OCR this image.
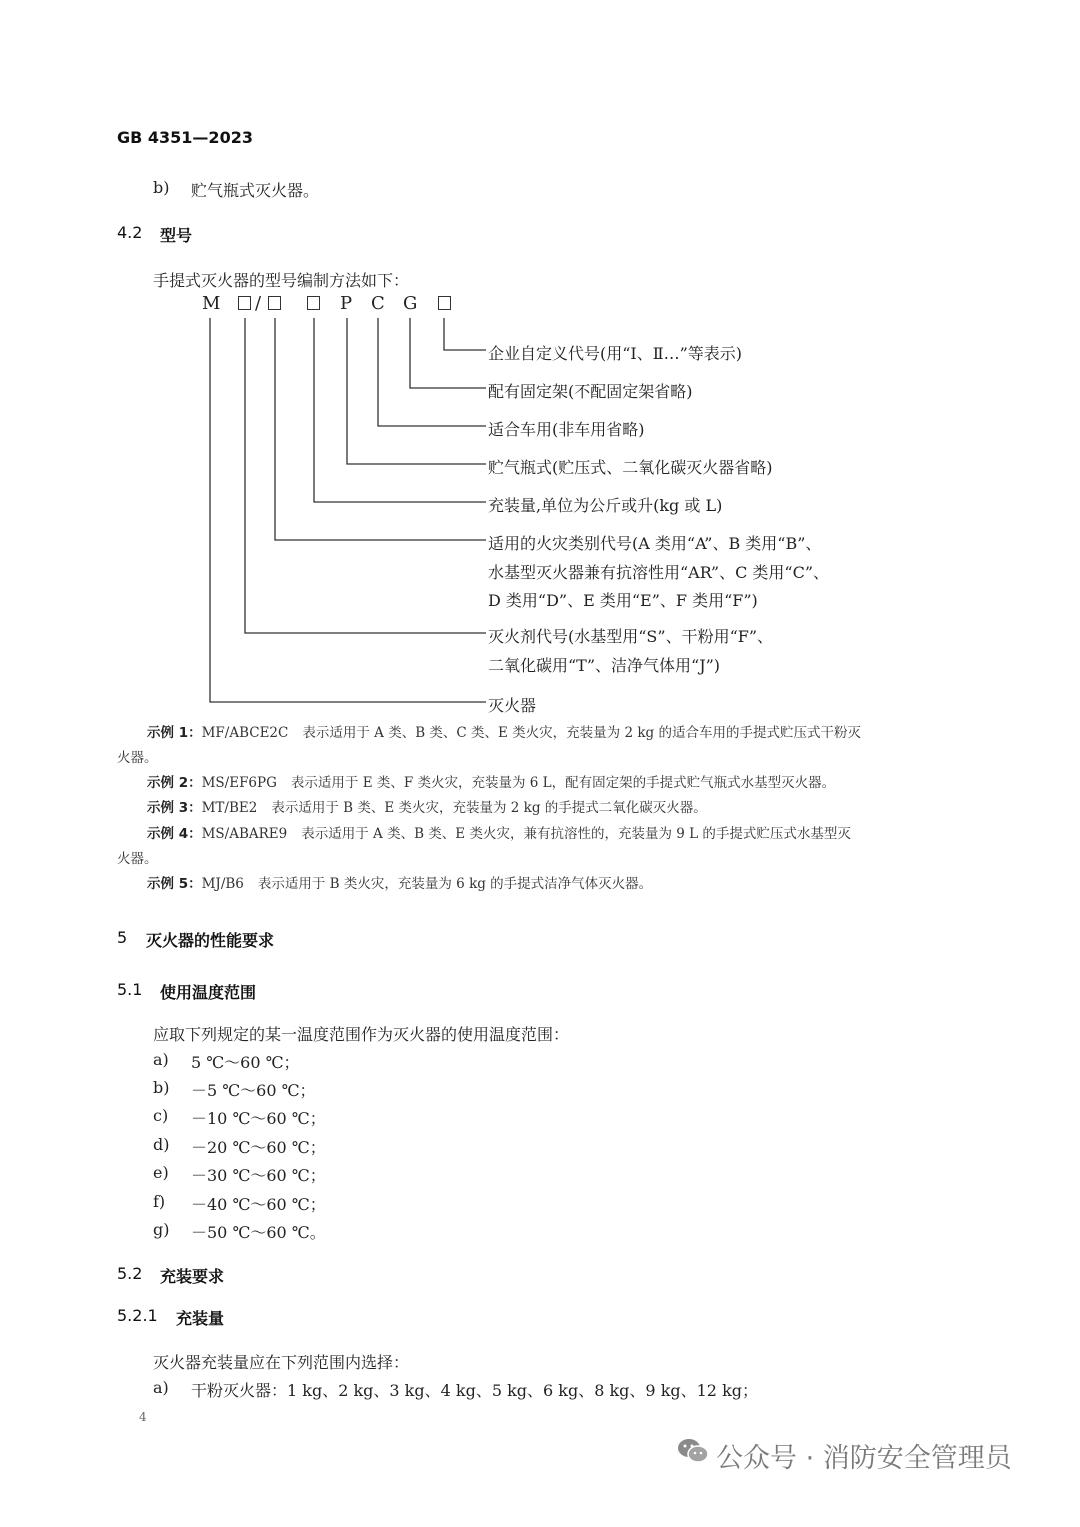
GB 4351—2023
b) 贮气瓶式灭火器。
4.2 型号
手提式灭火器的型号编制方法如下：
M /	P C G
企业自定义代号(用“Ⅰ、Ⅱ…”等表示)
配有固定架(不配固定架省略)
适合车用(非车用省略)
贮气瓶式(贮压式、二氧化碳灭火器省略)
充装量,单位为公斤或升(kg 或 L)
适用的火灾类别代号(A 类用“A”、B 类用“B”、
水基型灭火器兼有抗溶性用“AR”、C 类用“C”、
D 类用“D”、E 类用“E”、F 类用“F”)
灭火剂代号(水基型用“S”、干粉用“F”、
二氧化碳用“T”、洁净气体用“J”)
灭火器
示例 1：MF/ABCE2C 表示适用于 A 类、B 类、C 类、E 类火灾，充装量为 2 kg 的适合车用的手提式贮压式干粉灭
火器。
示例 2：MS/EF6PG 表示适用于 E 类、F 类火灾，充装量为 6 L，配有固定架的手提式贮气瓶式水基型灭火器。
示例 3：MT/BE2 表示适用于 B 类、E 类火灾，充装量为 2 kg 的手提式二氧化碳灭火器。
示例 4：MS/ABARE9 表示适用于 A 类、B 类、E 类火灾，兼有抗溶性的，充装量为 9 L 的手提式贮压式水基型灭
火器。
示例 5：MJ/B6 表示适用于 B 类火灾，充装量为 6 kg 的手提式洁净气体灭火器。
5 灭火器的性能要求
5.1 使用温度范围
应取下列规定的某一温度范围作为灭火器的使用温度范围：
a) 5 ℃～60 ℃；
b) －5 ℃～60 ℃；
c) －10 ℃～60 ℃；
d) －20 ℃～60 ℃；
e) －30 ℃～60 ℃；
f) －40 ℃～60 ℃；
g) －50 ℃～60 ℃。
5.2 充装要求
5.2.1 充装量
灭火器充装量应在下列范围内选择：
a) 干粉灭火器：1 kg、2 kg、3 kg、4 kg、5 kg、6 kg、8 kg、9 kg、12 kg；
4
公众号 · 消防安全管理员
